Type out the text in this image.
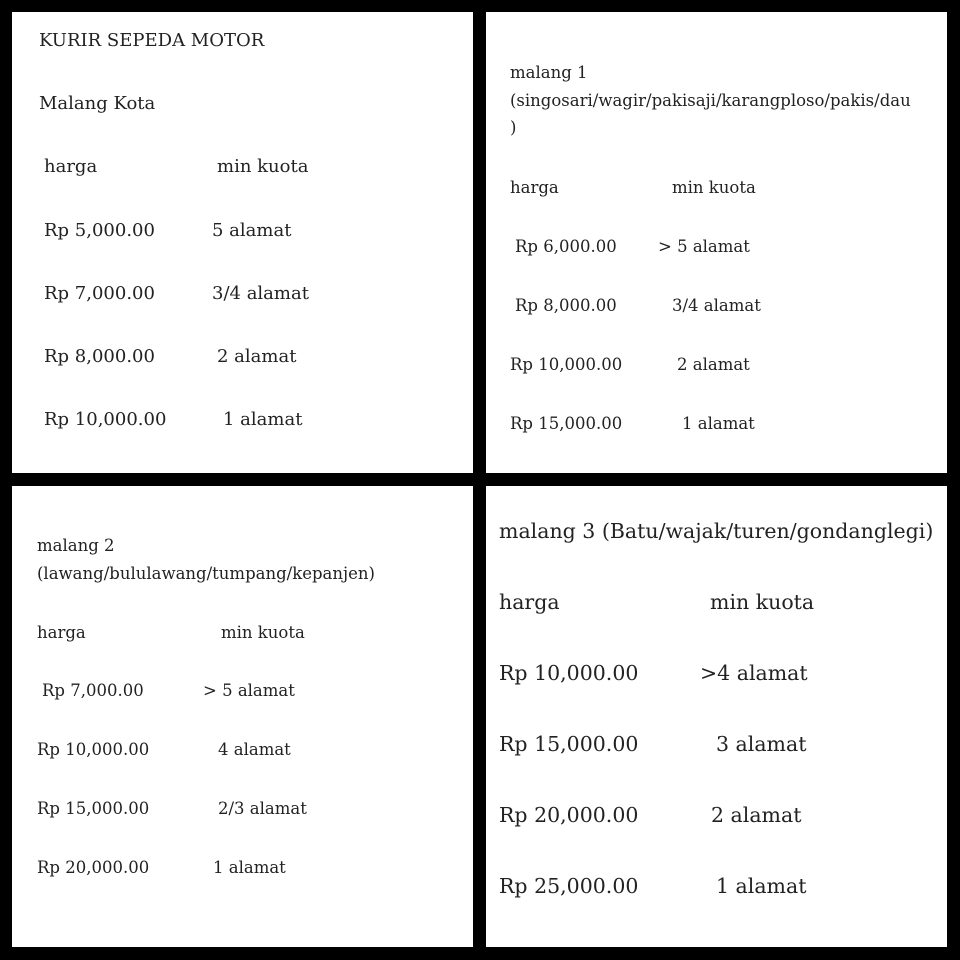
KURIR SEPEDA MOTOR
Malang Kota
harga	min kuota
Rp 5,000.00	5 alamat
Rp 7,000.00	3/4 alamat
Rp 8,000.00	2 alamat
Rp 10,000.00	1 alamat
malang 1
(singosari/wagir/pakisaji/karangploso/pakis/dau
)
harga	min kuota
Rp 6,000.00	> 5 alamat
Rp 8,000.00	3/4 alamat
Rp 10,000.00	2 alamat
Rp 15,000.00	1 alamat
malang 2
(lawang/bululawang/tumpang/kepanjen)
harga	min kuota
Rp 7,000.00	> 5 alamat
Rp 10,000.00	4 alamat
Rp 15,000.00	2/3 alamat
Rp 20,000.00	1 alamat
malang 3 (Batu/wajak/turen/gondanglegi)
harga	min kuota
Rp 10,000.00	>4 alamat
Rp 15,000.00	3 alamat
Rp 20,000.00	2 alamat
Rp 25,000.00	1 alamat
